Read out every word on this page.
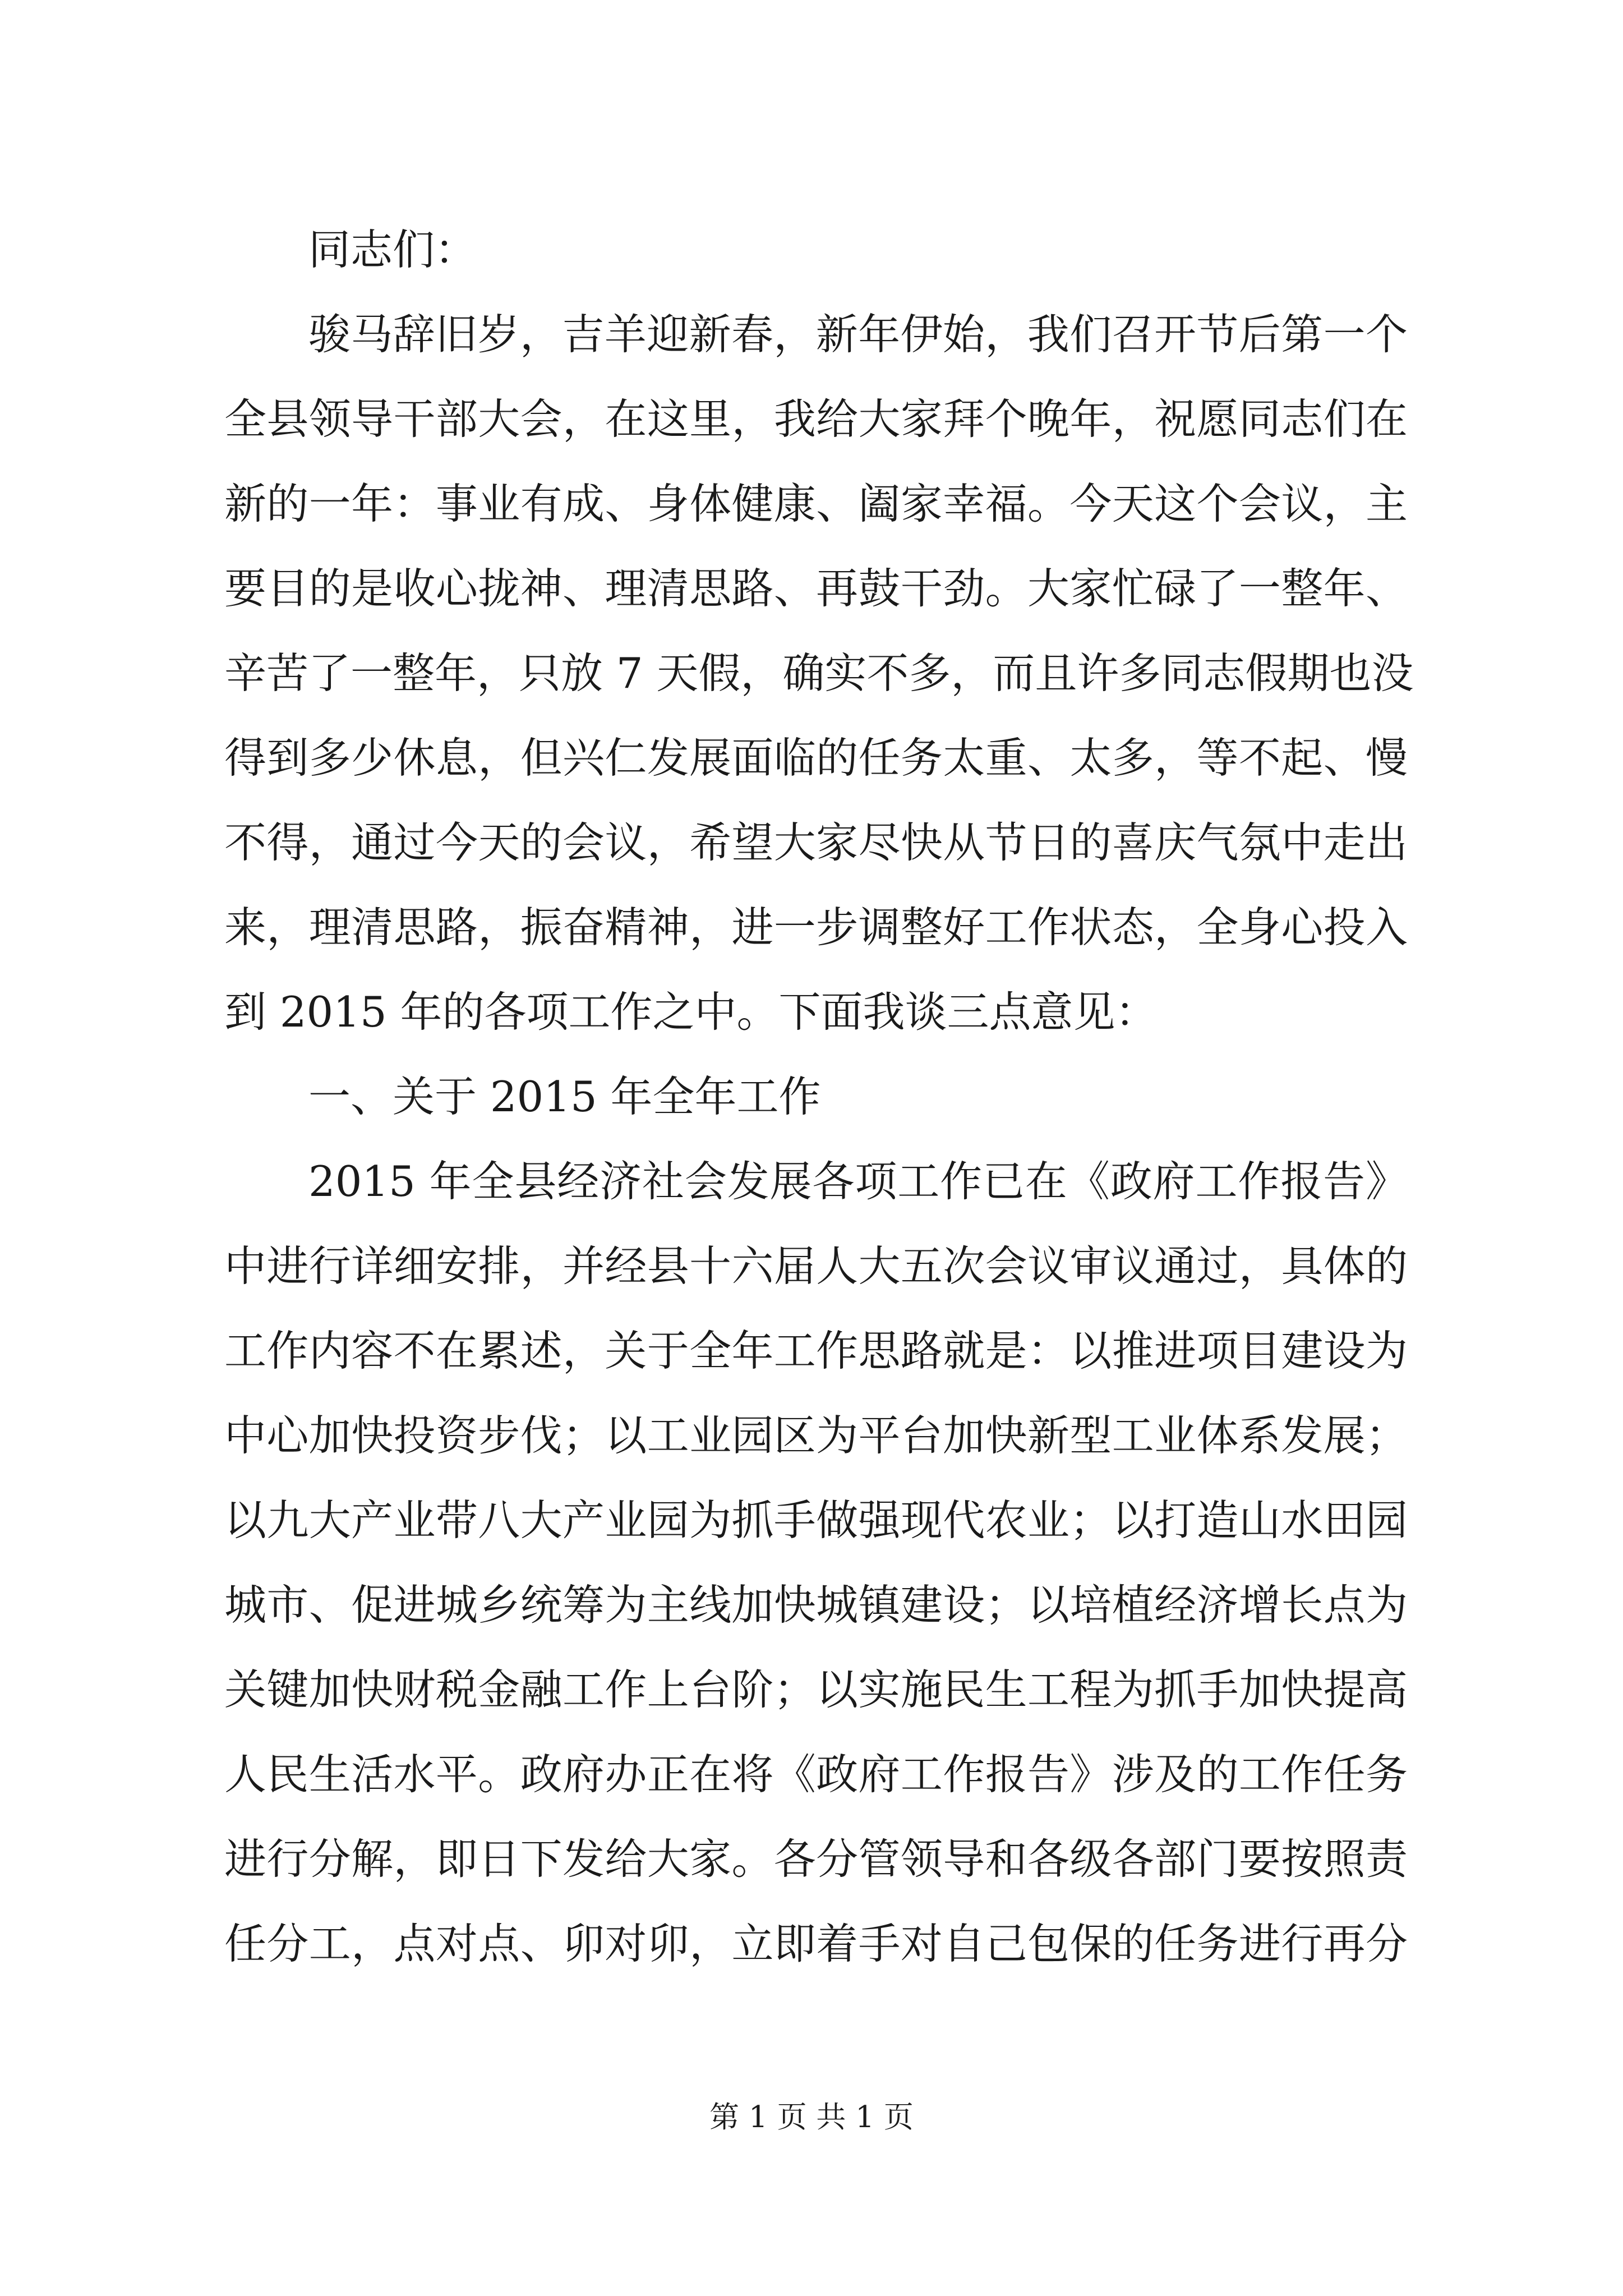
同志们：
骏马辞旧岁，吉羊迎新春，新年伊始，我们召开节后第一个
全县领导干部大会，在这里，我给大家拜个晚年，祝愿同志们在
新的一年：事业有成、身体健康、阖家幸福。今天这个会议，主
要目的是收心拢神、理清思路、再鼓干劲。大家忙碌了一整年、
辛苦了一整年，只放 7 天假，确实不多，而且许多同志假期也没
得到多少休息，但兴仁发展面临的任务太重、太多，等不起、慢
不得，通过今天的会议，希望大家尽快从节日的喜庆气氛中走出
来，理清思路，振奋精神，进一步调整好工作状态，全身心投入
到 2015 年的各项工作之中。下面我谈三点意见：
一、关于 2015 年全年工作
2015 年全县经济社会发展各项工作已在《政府工作报告》
中进行详细安排，并经县十六届人大五次会议审议通过，具体的
工作内容不在累述，关于全年工作思路就是：以推进项目建设为
中心加快投资步伐；以工业园区为平台加快新型工业体系发展；
以九大产业带八大产业园为抓手做强现代农业；以打造山水田园
城市、促进城乡统筹为主线加快城镇建设；以培植经济增长点为
关键加快财税金融工作上台阶；以实施民生工程为抓手加快提高
人民生活水平。政府办正在将《政府工作报告》涉及的工作任务
进行分解，即日下发给大家。各分管领导和各级各部门要按照责
任分工，点对点、卯对卯，立即着手对自己包保的任务进行再分
第 1 页 共 1 页
